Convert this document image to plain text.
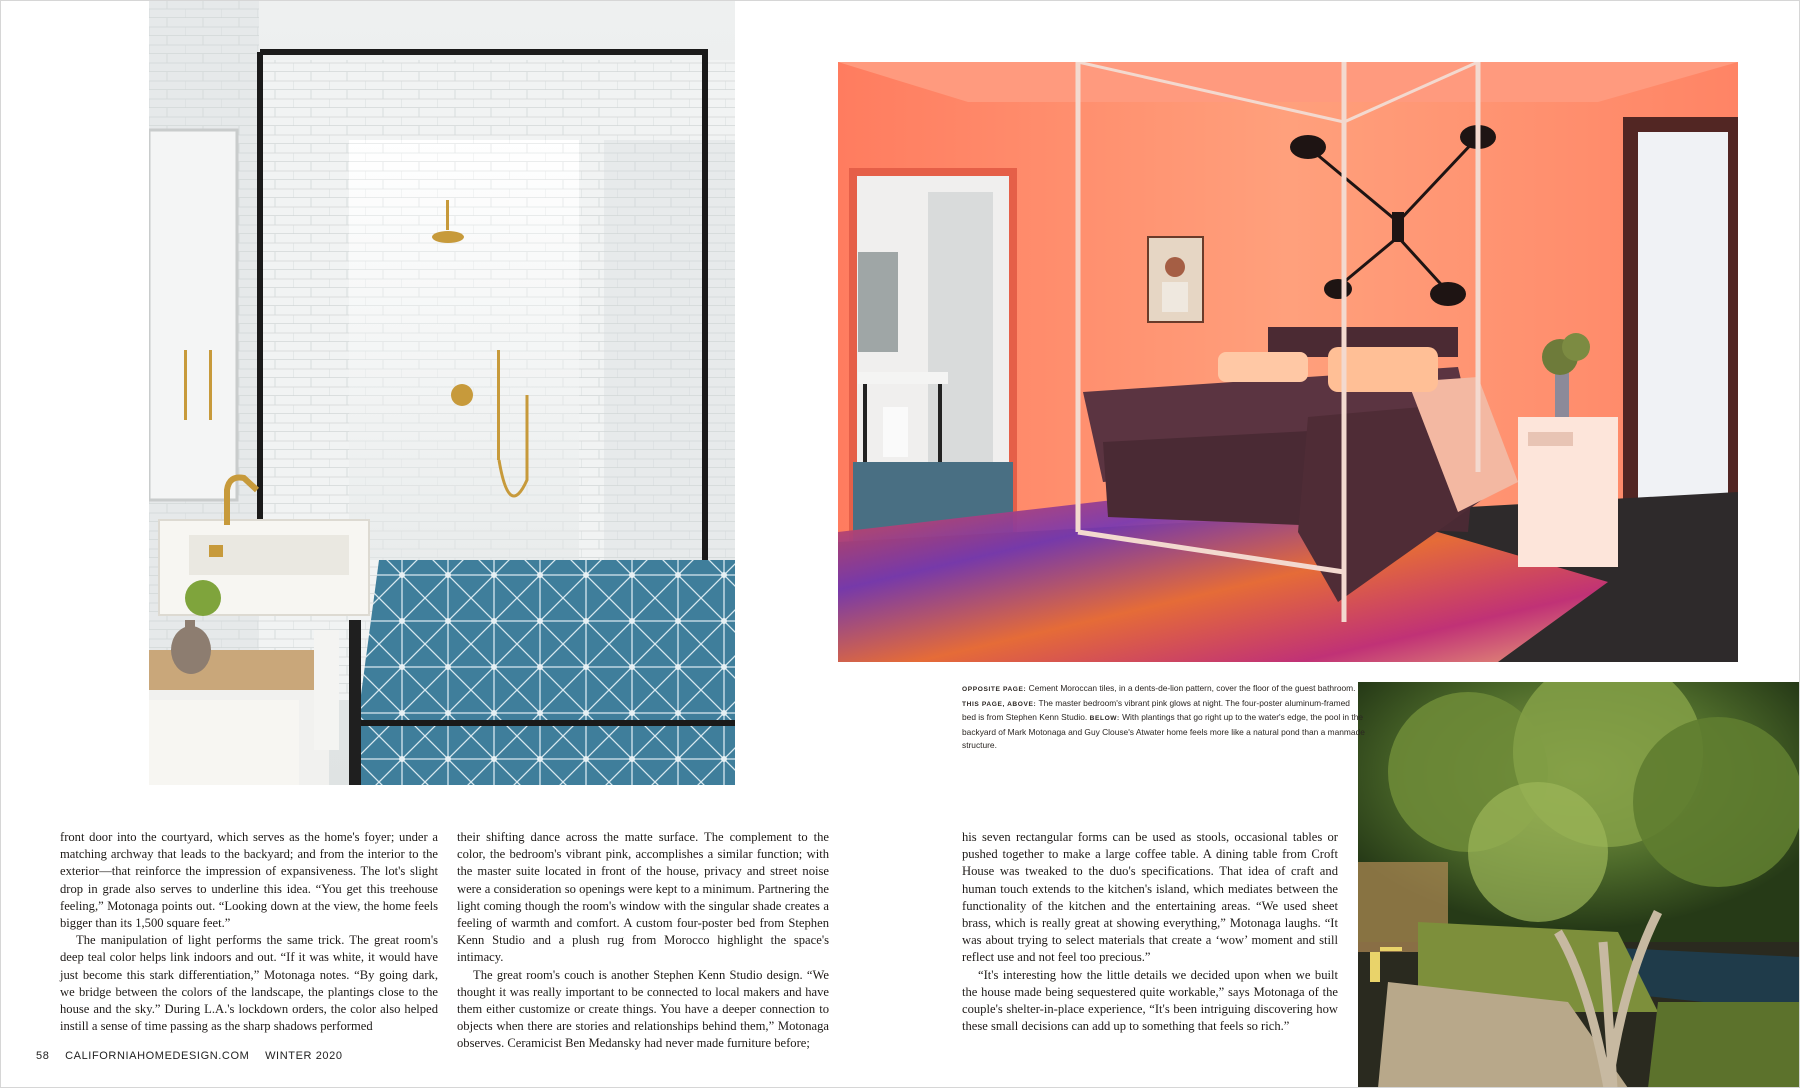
OPPOSITE PAGE: Cement Moroccan tiles, in a dents-de-lion pattern, cover the floor of the guest bathroom. THIS PAGE, ABOVE: The master bedroom's vibrant pink glows at night. The four-poster aluminum-framed bed is from Stephen Kenn Studio. BELOW: With plantings that go right up to the water's edge, the pool in the backyard of Mark Motonaga and Guy Clouse's Atwater home feels more like a natural pond than a manmade structure.

front door into the courtyard, which serves as the home's foyer; under a matching archway that leads to the backyard; and from the interior to the exterior—that reinforce the impression of expansiveness. The lot's slight drop in grade also serves to underline this idea. “You get this treehouse feeling,” Motonaga points out. “Looking down at the view, the home feels bigger than its 1,500 square feet.”

The manipulation of light performs the same trick. The great room's deep teal color helps link indoors and out. “If it was white, it would have just become this stark differentiation,” Motonaga notes. “By going dark, we bridge between the colors of the landscape, the plantings close to the house and the sky.” During L.A.'s lockdown orders, the color also helped instill a sense of time passing as the sharp shadows performed

their shifting dance across the matte surface. The complement to the color, the bedroom's vibrant pink, accomplishes a similar function; with the master suite located in front of the house, privacy and street noise were a consideration so openings were kept to a minimum. Partnering the light coming though the room's window with the singular shade creates a feeling of warmth and comfort. A custom four-poster bed from Stephen Kenn Studio and a plush rug from Morocco highlight the space's intimacy.

The great room's couch is another Stephen Kenn Studio design. “We thought it was really important to be connected to local makers and have them either customize or create things. You have a deeper connection to objects when there are stories and relationships behind them,” Motonaga observes. Ceramicist Ben Medansky had never made furniture before;

his seven rectangular forms can be used as stools, occasional tables or pushed together to make a large coffee table. A dining table from Croft House was tweaked to the duo's specifications. That idea of craft and human touch extends to the kitchen's island, which mediates between the functionality of the kitchen and the entertaining areas. “We used sheet brass, which is really great at showing everything,” Motonaga laughs. “It was about trying to select materials that create a ‘wow’ moment and still reflect use and not feel too precious.”

“It's interesting how the little details we decided upon when we built the house made being sequestered quite workable,” says Motonaga of the couple's shelter-in-place experience, “It's been intriguing discovering how these small decisions can add up to something that feels so rich.”

58 CALIFORNIAHOMEDESIGN.COM WINTER 2020
